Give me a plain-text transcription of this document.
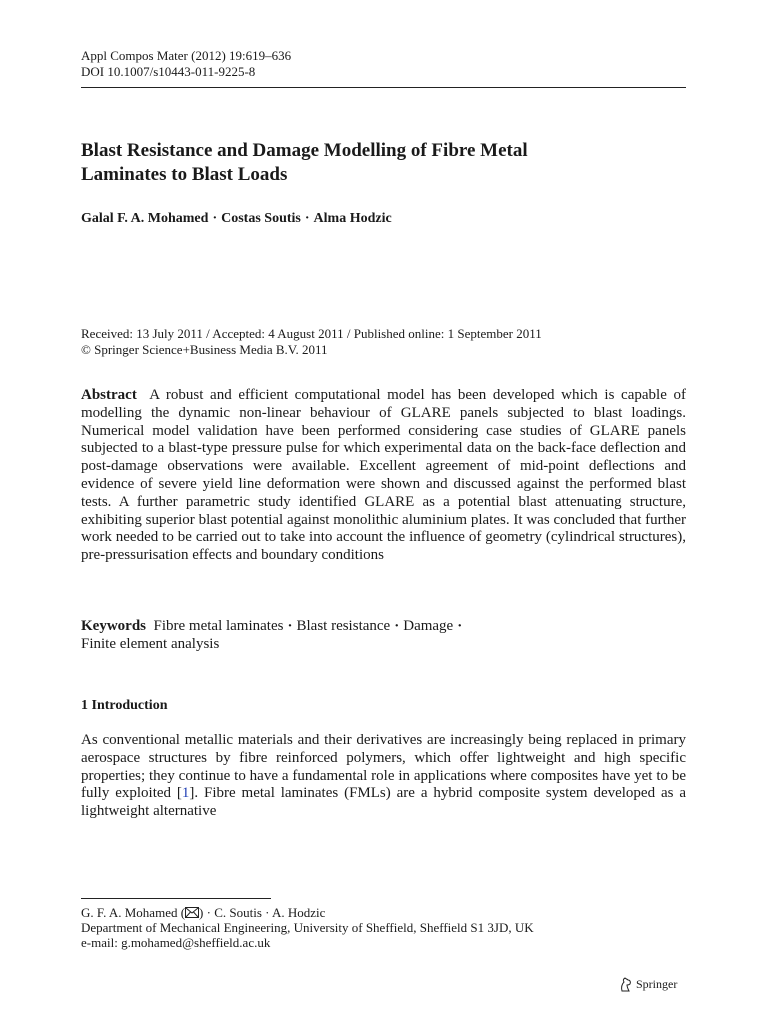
Appl Compos Mater (2012) 19:619–636
DOI 10.1007/s10443-011-9225-8
Blast Resistance and Damage Modelling of Fibre Metal
Laminates to Blast Loads
Galal F. A. Mohamed · Costas Soutis · Alma Hodzic
Received: 13 July 2011 / Accepted: 4 August 2011 / Published online: 1 September 2011
© Springer Science+Business Media B.V. 2011

Abstract A robust and efficient computational model has been developed which is capable of modelling the dynamic non-linear behaviour of GLARE panels subjected to blast loadings. Numerical model validation have been performed considering case studies of GLARE panels subjected to a blast-type pressure pulse for which experimental data on the back-face deflection and post-damage observations were available. Excellent agreement of mid-point deflections and evidence of severe yield line deformation were shown and discussed against the performed blast tests. A further parametric study identified GLARE as a potential blast attenuating structure, exhibiting superior blast potential against monolithic aluminium plates. It was concluded that further work needed to be carried out to take into account the influence of geometry (cylindrical structures), pre-pressurisation effects and boundary conditions

Keywords Fibre metal laminates · Blast resistance · Damage ·
Finite element analysis
1 Introduction

As conventional metallic materials and their derivatives are increasingly being replaced in primary aerospace structures by fibre reinforced polymers, which offer lightweight and high specific properties; they continue to have a fundamental role in applications where composites have yet to be fully exploited [1]. Fibre metal laminates (FMLs) are a hybrid composite system developed as a lightweight alternative

G. F. A. Mohamed ( ) · C. Soutis · A. Hodzic
Department of Mechanical Engineering, University of Sheffield, Sheffield S1 3JD, UK
e-mail: g.mohamed@sheffield.ac.uk
Springer
